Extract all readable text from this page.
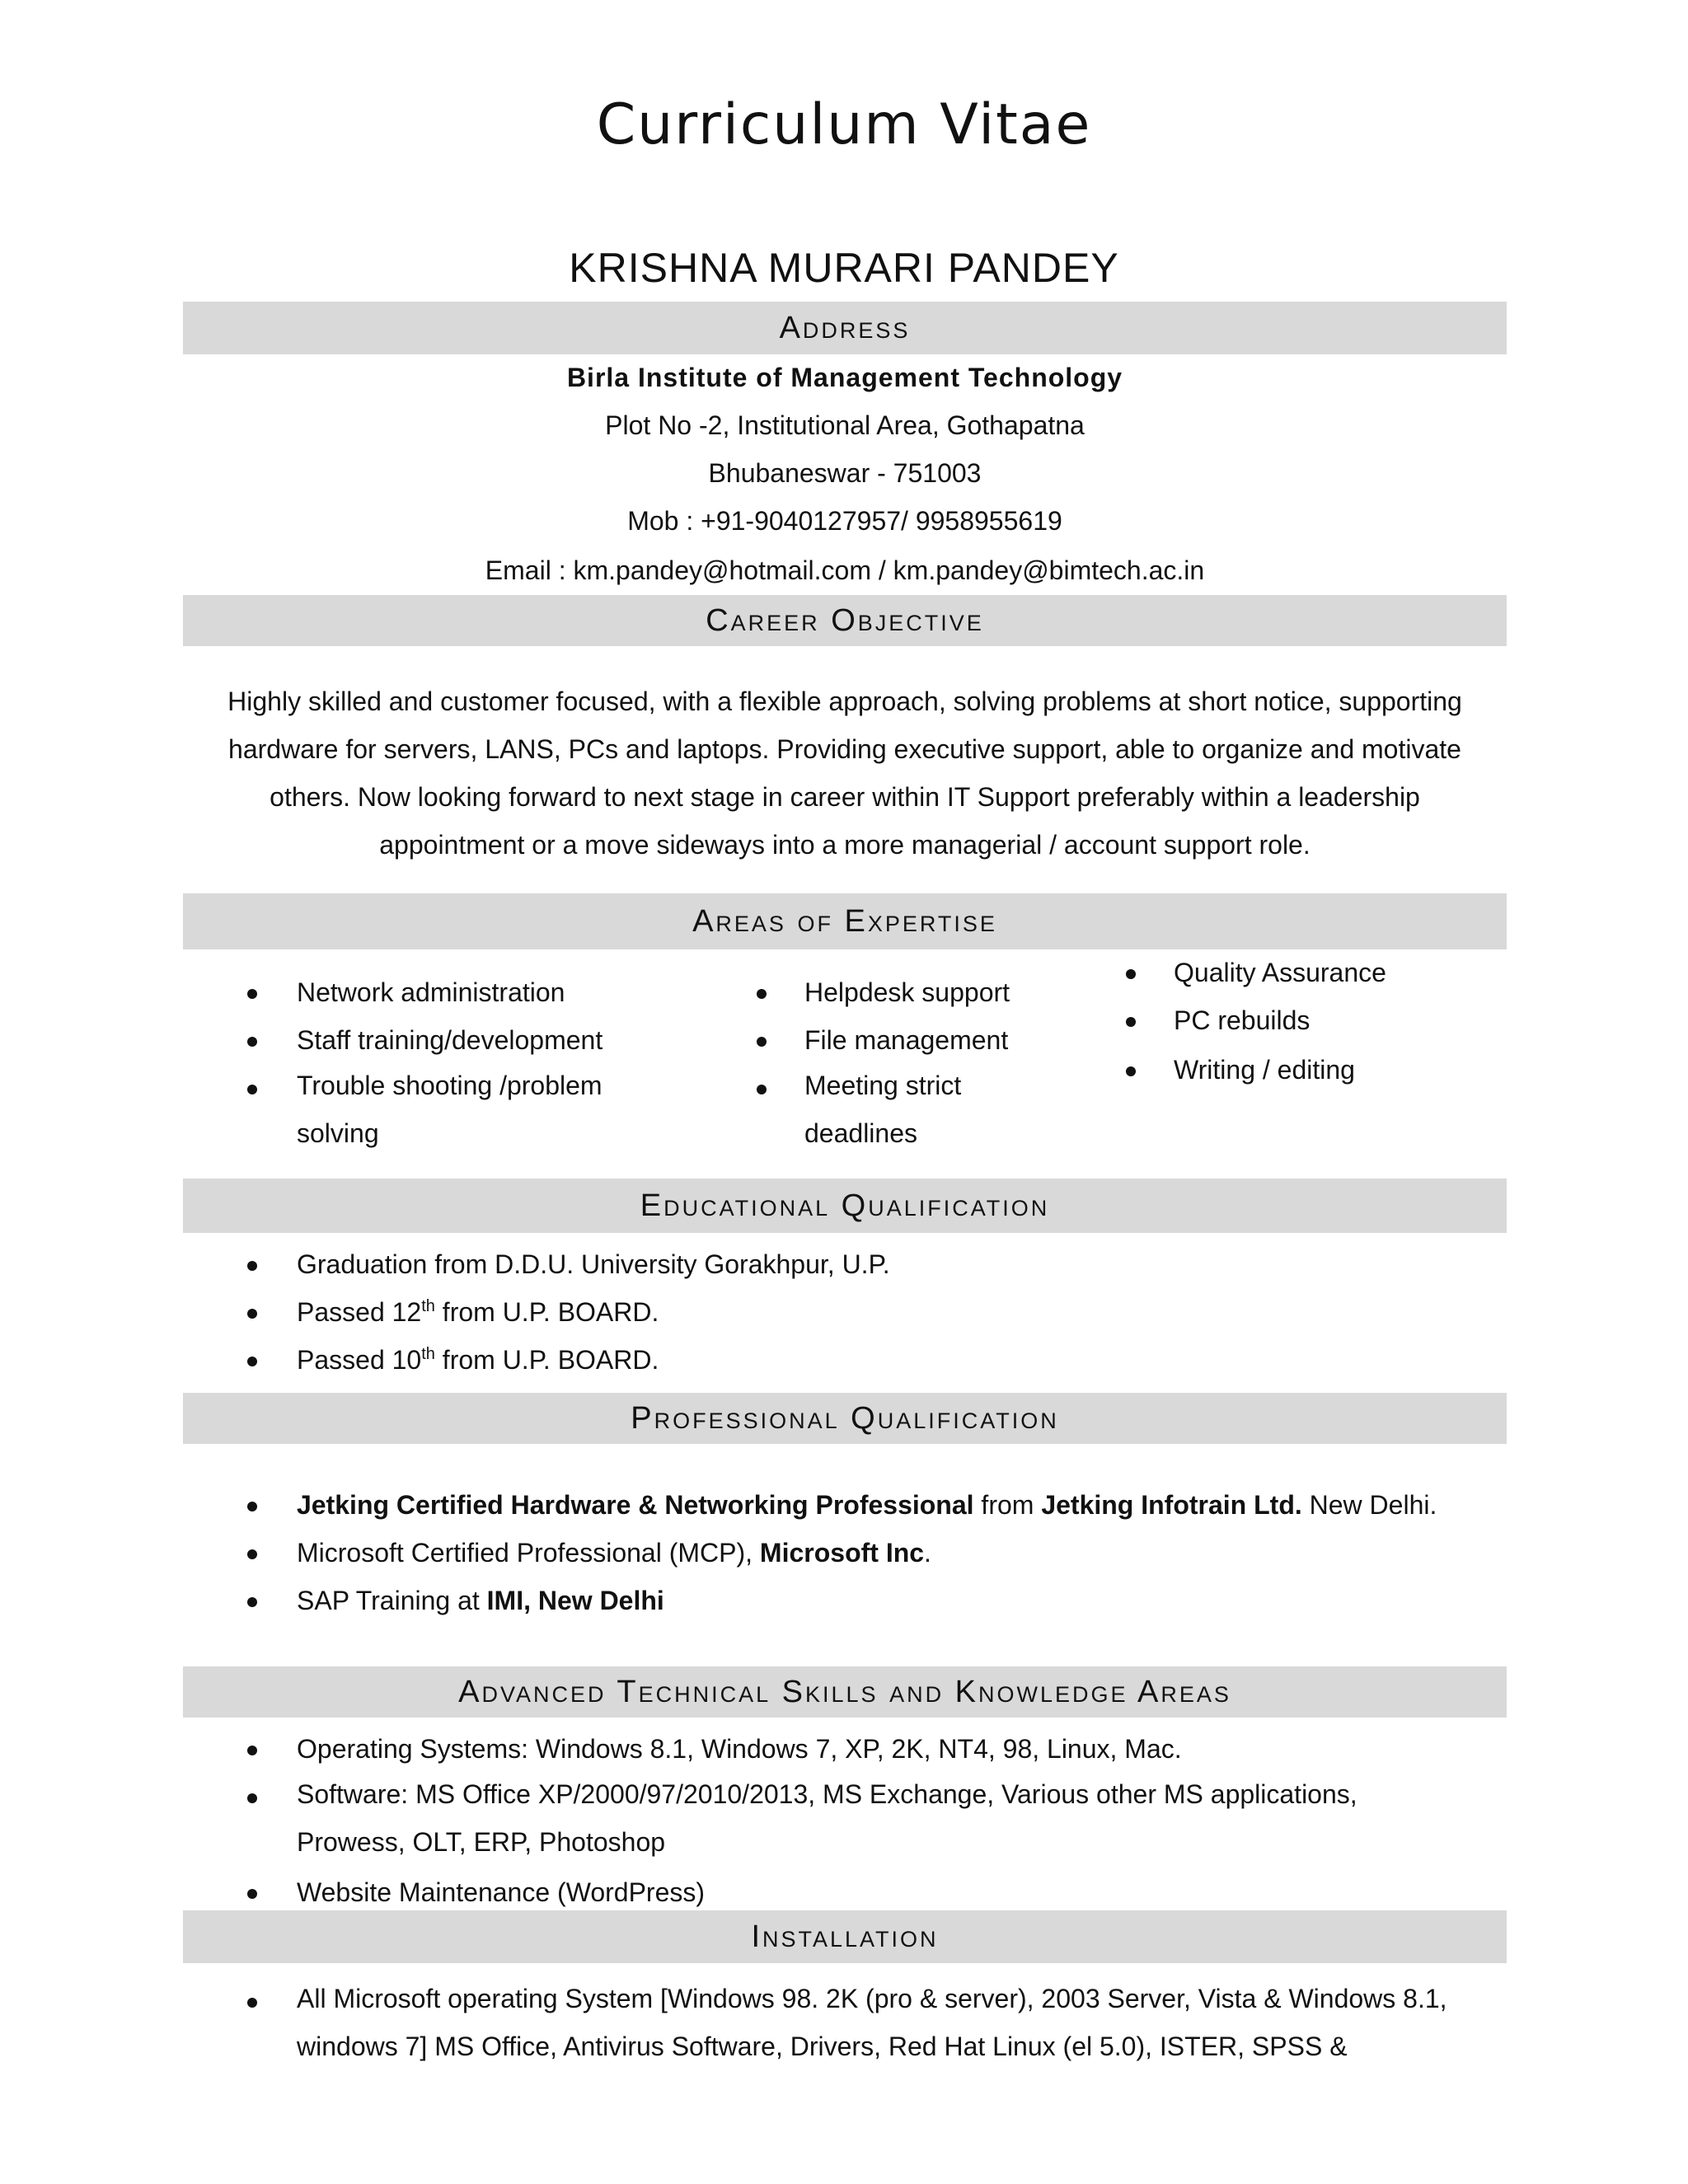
Curriculum Vitae
KRISHNA MURARI PANDEY
Address
Birla Institute of Management Technology
Plot No -2, Institutional Area, Gothapatna
Bhubaneswar - 751003
Mob : +91-9040127957/ 9958955619
Email : km.pandey@hotmail.com / km.pandey@bimtech.ac.in
Career Objective
Highly skilled and customer focused, with a flexible approach, solving problems at short notice, supporting hardware for servers, LANS, PCs and laptops. Providing executive support, able to organize and motivate others. Now looking forward to next stage in career within IT Support preferably within a leadership appointment or a move sideways into a more managerial / account support role.
Areas of Expertise
Network administration
Staff training/development
Trouble shooting /problem solving
Helpdesk support
File management
Meeting strict deadlines
Quality Assurance
PC rebuilds
Writing / editing
Educational Qualification
Graduation from D.D.U. University Gorakhpur, U.P.
Passed 12th from U.P. BOARD.
Passed 10th from U.P. BOARD.
Professional Qualification
Jetking Certified Hardware & Networking Professional from Jetking Infotrain Ltd. New Delhi.
Microsoft Certified Professional (MCP), Microsoft Inc.
SAP Training at IMI, New Delhi
Advanced Technical Skills and Knowledge Areas
Operating Systems: Windows 8.1, Windows 7, XP, 2K, NT4, 98, Linux, Mac.
Software: MS Office XP/2000/97/2010/2013, MS Exchange, Various other MS applications, Prowess, OLT, ERP, Photoshop
Website Maintenance (WordPress)
Installation
All Microsoft operating System [Windows 98. 2K (pro & server), 2003 Server, Vista & Windows 8.1, windows 7] MS Office, Antivirus Software, Drivers, Red Hat Linux (el 5.0), ISTER, SPSS &
